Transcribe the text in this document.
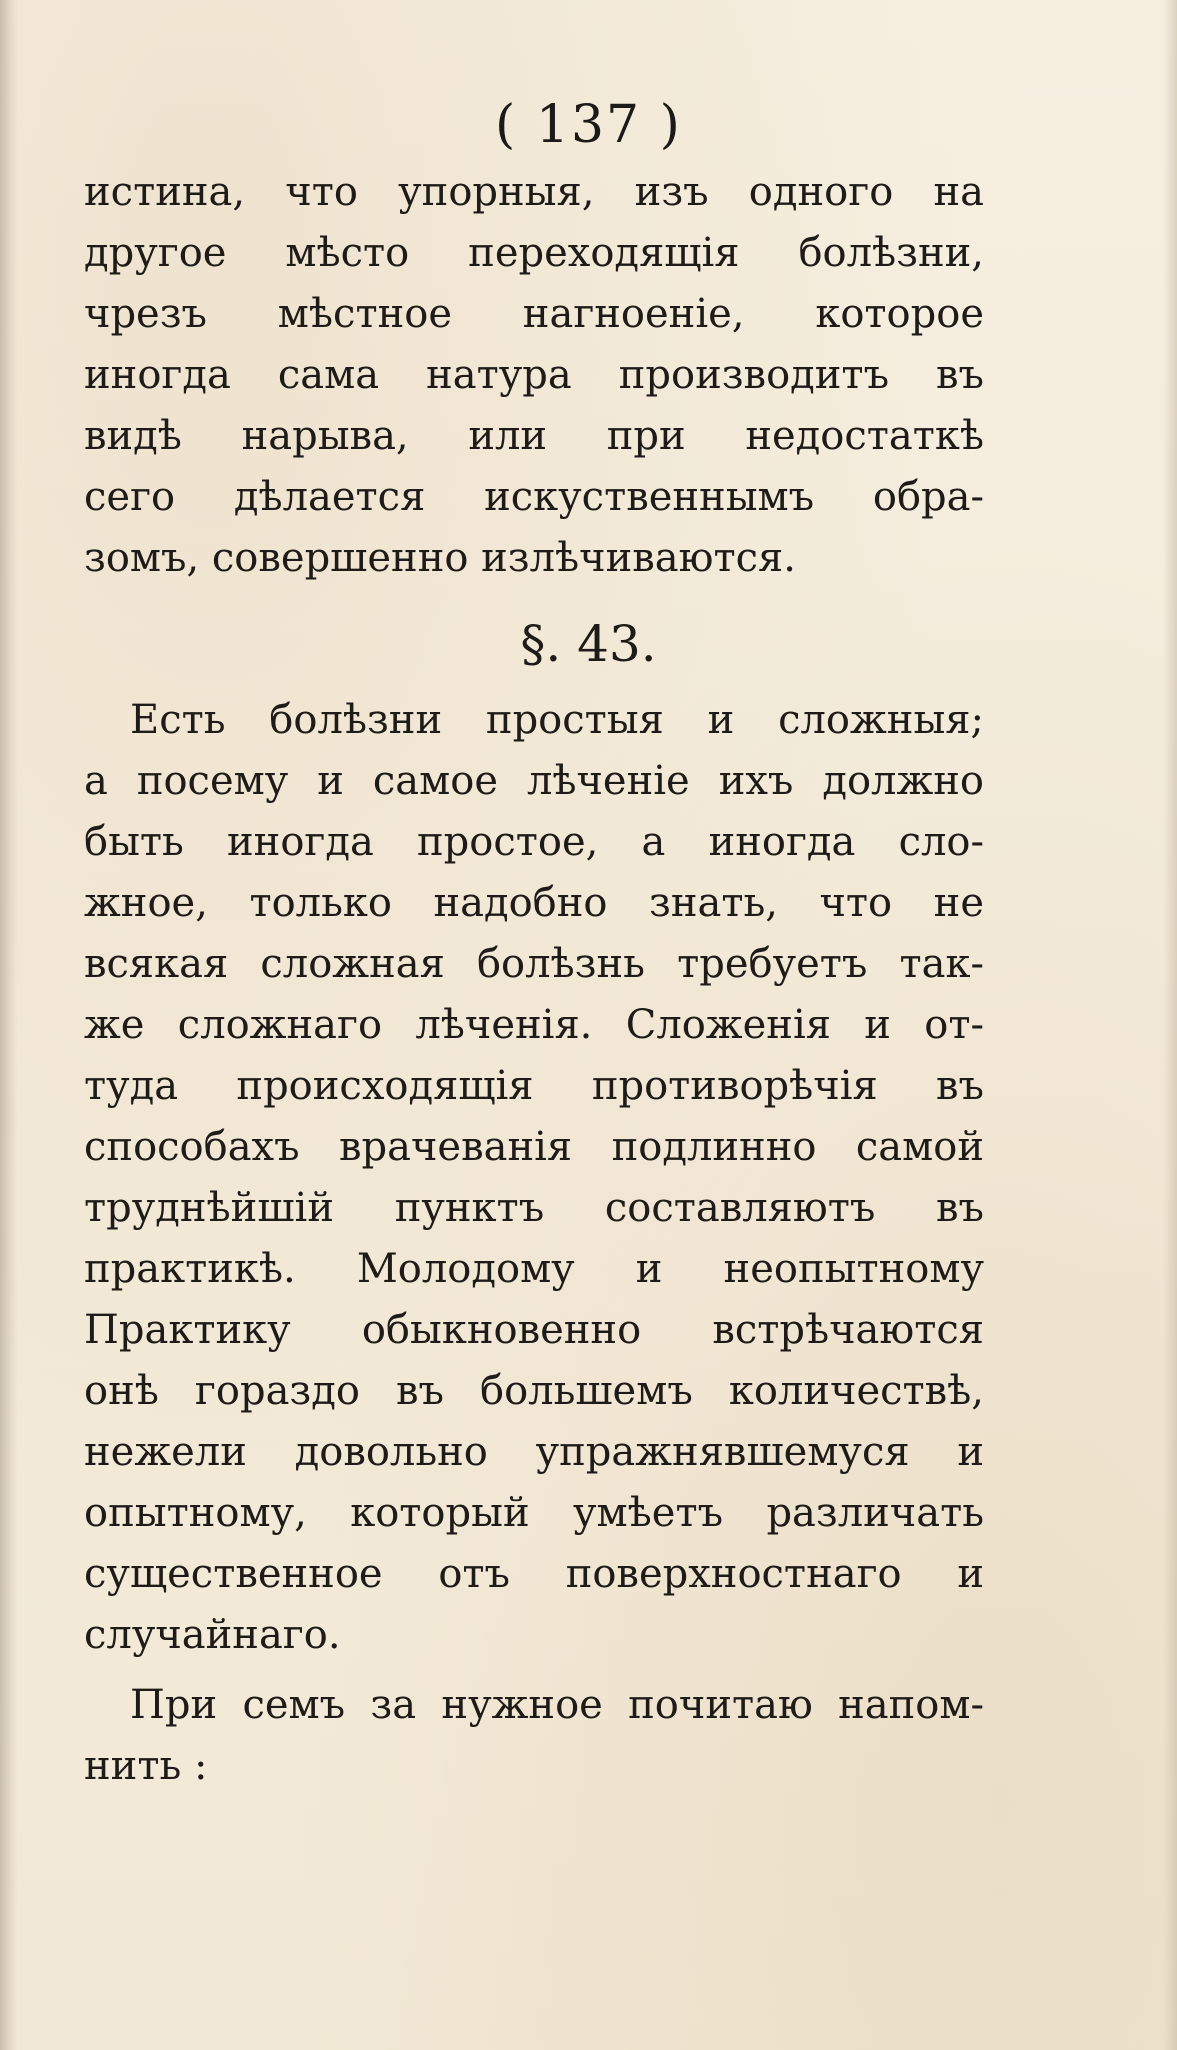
( 137 )
истина, что упорныя, изъ одного на
другое мѣсто переходящія болѣзни,
чрезъ мѣстное нагноеніе, которое
иногда сама натура производитъ въ
видѣ нарыва, или при недостаткѣ
сего дѣлается искуственнымъ обра-
зомъ, совершенно излѣчиваются.
§. 43.
Есть болѣзни простыя и сложныя;
а посему и самое лѣченіе ихъ должно
быть иногда простое, а иногда сло-
жное, только надобно знать, что не
всякая сложная болѣзнь требуетъ так-
же сложнаго лѣченія. Сложенія и от-
туда происходящія противорѣчія въ
способахъ врачеванія подлинно самой
труднѣйшій пунктъ составляютъ въ
практикѣ. Молодому и неопытному
Практику обыкновенно встрѣчаются
онѣ гораздо въ большемъ количествѣ,
нежели довольно упражнявшемуся и
опытному, который умѣетъ различать
существенное отъ поверхностнаго и
случайнаго.
При семъ за нужное почитаю напом-
нить :
